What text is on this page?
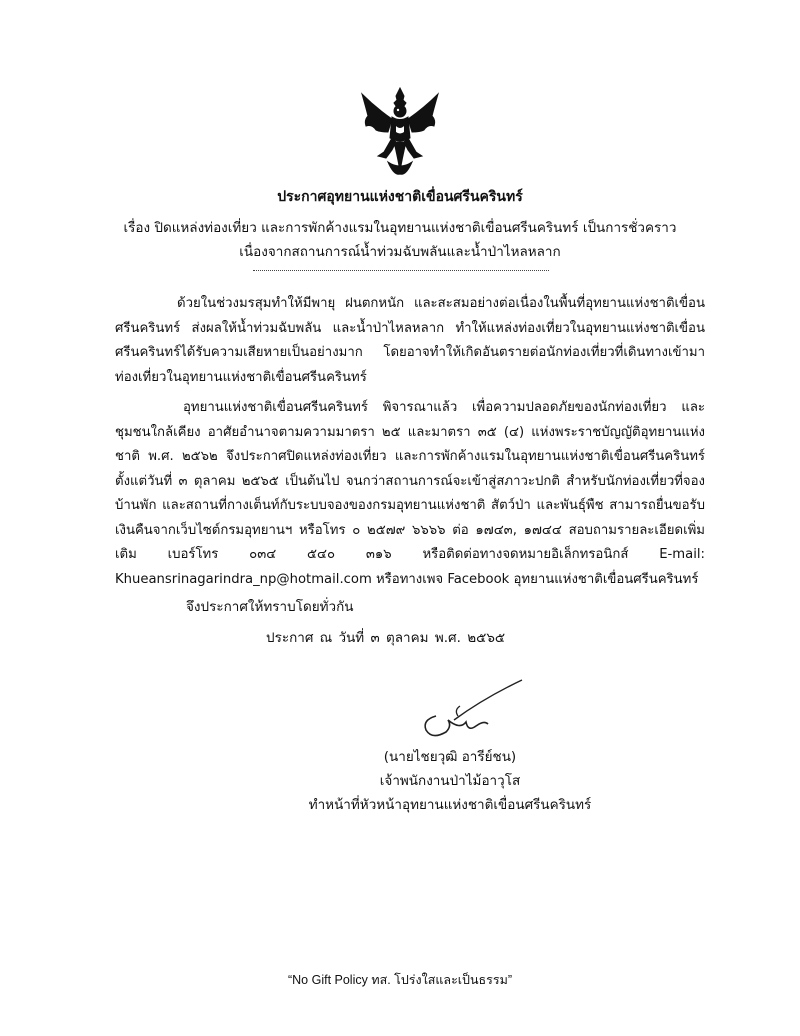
ประกาศอุทยานแห่งชาติเขื่อนศรีนครินทร์
เรื่อง ปิดแหล่งท่องเที่ยว และการพักค้างแรมในอุทยานแห่งชาติเขื่อนศรีนครินทร์ เป็นการชั่วคราว
เนื่องจากสถานการณ์น้ำท่วมฉับพลันและน้ำป่าไหลหลาก

ด้วยในช่วงมรสุมทำให้มีพายุ ฝนตกหนัก และสะสมอย่างต่อเนื่องในพื้นที่อุทยานแห่งชาติเขื่อนศรีนครินทร์ ส่งผลให้น้ำท่วมฉับพลัน และน้ำป่าไหลหลาก ทำให้แหล่งท่องเที่ยวในอุทยานแห่งชาติเขื่อนศรีนครินทร์ได้รับความเสียหายเป็นอย่างมาก โดยอาจทำให้เกิดอันตรายต่อนักท่องเที่ยวที่เดินทางเข้ามาท่องเที่ยวในอุทยานแห่งชาติเขื่อนศรีนครินทร์

อุทยานแห่งชาติเขื่อนศรีนครินทร์ พิจารณาแล้ว เพื่อความปลอดภัยของนักท่องเที่ยว และชุมชนใกล้เคียง อาศัยอำนาจตามความมาตรา ๒๕ และมาตรา ๓๕ (๔) แห่งพระราชบัญญัติอุทยานแห่งชาติ พ.ศ. ๒๕๖๒ จึงประกาศปิดแหล่งท่องเที่ยว และการพักค้างแรมในอุทยานแห่งชาติเขื่อนศรีนครินทร์ ตั้งแต่วันที่ ๓ ตุลาคม ๒๕๖๕ เป็นต้นไป จนกว่าสถานการณ์จะเข้าสู่สภาวะปกติ สำหรับนักท่องเที่ยวที่จองบ้านพัก และสถานที่กางเต็นท์กับระบบจองของกรมอุทยานแห่งชาติ สัตว์ป่า และพันธุ์พืช สามารถยื่นขอรับเงินคืนจากเว็บไซต์กรมอุทยานฯ หรือโทร ๐ ๒๕๗๙ ๖๖๖๖ ต่อ ๑๗๔๓, ๑๗๔๔ สอบถามรายละเอียดเพิ่มเติม เบอร์โทร ๐๓๔ ๕๔๐ ๓๑๖ หรือติดต่อทางจดหมายอิเล็กทรอนิกส์ E-mail: Khueansrinagarindra_np@hotmail.com หรือทางเพจ Facebook อุทยานแห่งชาติเขื่อนศรีนครินทร์

จึงประกาศให้ทราบโดยทั่วกัน
ประกาศ ณ วันที่ ๓ ตุลาคม พ.ศ. ๒๕๖๕
(นายไชยวุฒิ อารีย์ชน)
เจ้าพนักงานป่าไม้อาวุโส
ทำหน้าที่หัวหน้าอุทยานแห่งชาติเขื่อนศรีนครินทร์
“No Gift Policy ทส. โปร่งใสและเป็นธรรม”
